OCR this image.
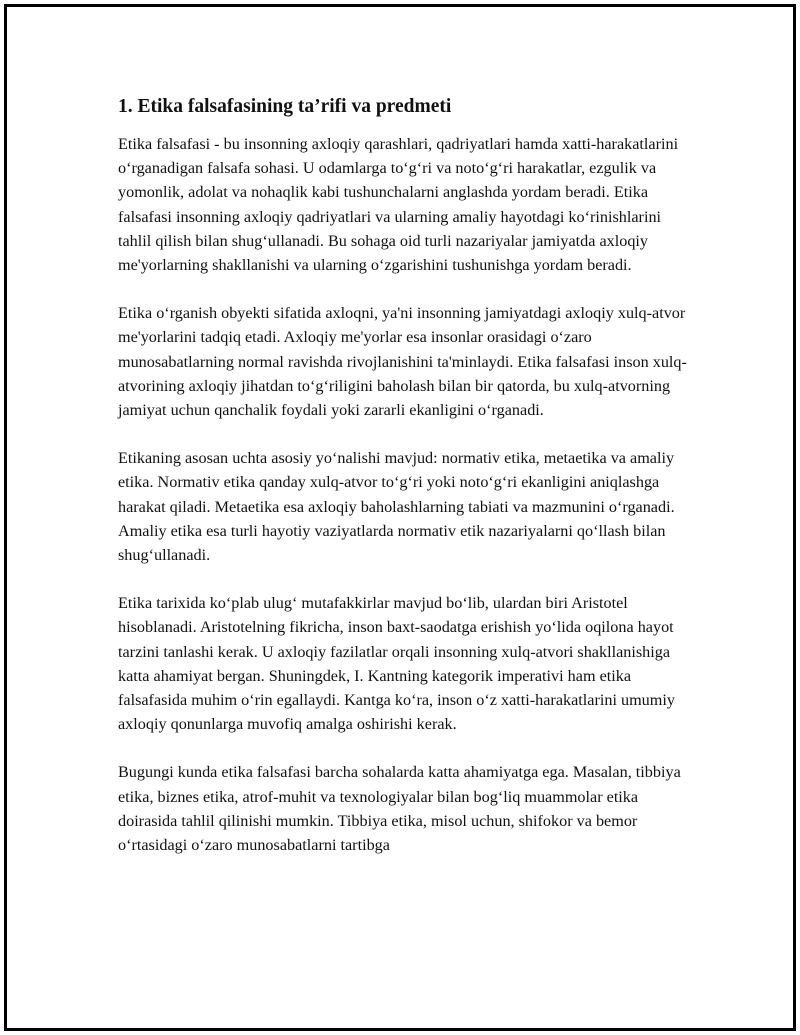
1. Etika falsafasining ta’rifi va predmeti

Etika falsafasi - bu insonning axloqiy qarashlari, qadriyatlari hamda xatti-harakatlarini oʻrganadigan falsafa sohasi. U odamlarga toʻgʻri va notoʻgʻri harakatlar, ezgulik va yomonlik, adolat va nohaqlik kabi tushunchalarni anglashda yordam beradi. Etika falsafasi insonning axloqiy qadriyatlari va ularning amaliy hayotdagi koʻrinishlarini tahlil qilish bilan shugʻullanadi. Bu sohaga oid turli nazariyalar jamiyatda axloqiy me'yorlarning shakllanishi va ularning oʻzgarishini tushunishga yordam beradi.

Etika oʻrganish obyekti sifatida axloqni, ya'ni insonning jamiyatdagi axloqiy xulq-atvor me'yorlarini tadqiq etadi. Axloqiy me'yorlar esa insonlar orasidagi oʻzaro munosabatlarning normal ravishda rivojlanishini ta'minlaydi. Etika falsafasi inson xulq-atvorining axloqiy jihatdan toʻgʻriligini baholash bilan bir qatorda, bu xulq-atvorning jamiyat uchun qanchalik foydali yokі zararli ekanligini oʻrganadi.

Etikaning asosan uchta asosiy yoʻnalishi mavjud: normativ etika, metaetika va amaliy etika. Normativ etika qanday xulq-atvor toʻgʻri yoki notoʻgʻri ekanligini aniqlashga harakat qiladi. Metaetika esa axloqiy baholashlarning tabiati va mazmunini oʻrganadi. Amaliy etika esa turli hayotiy vaziyatlarda normativ etik nazariyalarni qoʻllash bilan shugʻullanadi.

Etika tarixida koʻplab ulugʻ mutafakkirlar mavjud boʻlib, ulardan biri Aristotel hisoblanadi. Aristotelning fikricha, inson baxt-saodatga erishish yoʻlida oqilona hayot tarzini tanlashi kerak. U axloqiy fazilatlar orqali insonning xulq-atvori shakllanishiga katta ahamiyat bergan. Shuningdek, I. Kantning kategorik imperativi ham etika falsafasida muhim oʻrin egallaydi. Kantga koʻra, inson oʻz xatti-harakatlarini umumiy axloqiy qonunlarga muvofiq amalga oshirishi kerak.

Bugungi kunda etika falsafasi barcha sohalarda katta ahamiyatga ega. Masalan, tibbiya etika, biznes etika, atrof-muhit va texnologiyalar bilan bogʻliq muammolar etika doirasida tahlil qilinishi mumkin. Tibbiya etika, misol uchun, shifokor va bemor oʻrtasidagi oʻzaro munosabatlarni tartibga
